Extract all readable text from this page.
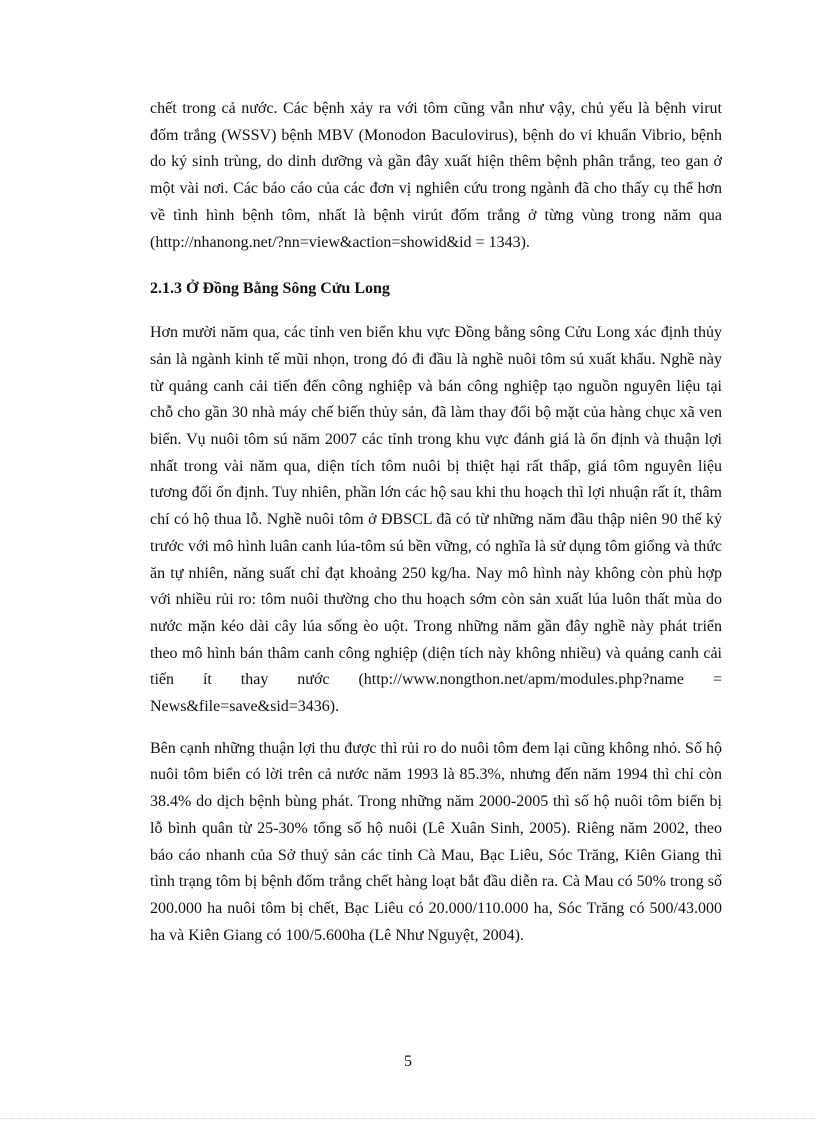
chết trong cả nước. Các bệnh xảy ra với tôm cũng vẫn như vậy, chủ yếu là bệnh virut đốm trắng (WSSV) bệnh MBV (Monodon Baculovirus), bệnh do vi khuẩn Vibrio, bệnh do ký sinh trùng, do dinh dưỡng và gần đây xuất hiện thêm bệnh phân trắng, teo gan ở một vài nơi. Các báo cáo của các đơn vị nghiên cứu trong ngành đã cho thấy cụ thể hơn về tình hình bệnh tôm, nhất là bệnh virút đốm trắng ở từng vùng trong năm qua (http://nhanong.net/?nn=view&action=showid&id = 1343).

2.1.3 Ở Đồng Bằng Sông Cửu Long

Hơn mười năm qua, các tỉnh ven biển khu vực Đồng bằng sông Cửu Long xác định thủy sản là ngành kinh tế mũi nhọn, trong đó đi đầu là nghề nuôi tôm sú xuất khẩu. Nghề này từ quảng canh cải tiến đến công nghiệp và bán công nghiệp tạo nguồn nguyên liệu tại chỗ cho gần 30 nhà máy chế biến thủy sản, đã làm thay đổi bộ mặt của hàng chục xã ven biển. Vụ nuôi tôm sú năm 2007 các tỉnh trong khu vực đánh giá là ổn định và thuận lợi nhất trong vài năm qua, diện tích tôm nuôi bị thiệt hại rất thấp, giá tôm nguyên liệu tương đối ổn định. Tuy nhiên, phần lớn các hộ sau khi thu hoạch thì lợi nhuận rất ít, thâm chí có hộ thua lỗ. Nghề nuôi tôm ở ĐBSCL đã có từ những năm đầu thập niên 90 thế kỷ trước với mô hình luân canh lúa-tôm sú bền vững, có nghĩa là sử dụng tôm giống và thức ăn tự nhiên, năng suất chỉ đạt khoảng 250 kg/ha. Nay mô hình này không còn phù hợp với nhiều rủi ro: tôm nuôi thường cho thu hoạch sớm còn sản xuất lúa luôn thất mùa do nước mặn kéo dài cây lúa sống èo uột. Trong những năm gần đây nghề này phát triển theo mô hình bán thâm canh công nghiệp (diện tích này không nhiều) và quảng canh cải tiến ít thay nước (http://www.nongthon.net/apm/modules.php?name = News&file=save&sid=3436).

Bên cạnh những thuận lợi thu được thì rủi ro do nuôi tôm đem lại cũng không nhỏ. Số hộ nuôi tôm biển có lời trên cả nước năm 1993 là 85.3%, nhưng đến năm 1994 thì chỉ còn 38.4% do dịch bệnh bùng phát. Trong những năm 2000-2005 thì số hộ nuôi tôm biển bị lỗ bình quân từ 25-30% tổng số hộ nuôi (Lê Xuân Sinh, 2005). Riêng năm 2002, theo báo cáo nhanh của Sở thuỷ sản các tỉnh Cà Mau, Bạc Liêu, Sóc Trăng, Kiên Giang thì tình trạng tôm bị bệnh đốm trắng chết hàng loạt bắt đầu diễn ra. Cà Mau có 50% trong số 200.000 ha nuôi tôm bị chết, Bạc Liêu có 20.000/110.000 ha, Sóc Trăng có 500/43.000 ha và Kiên Giang có 100/5.600ha (Lê Như Nguyệt, 2004).

5
